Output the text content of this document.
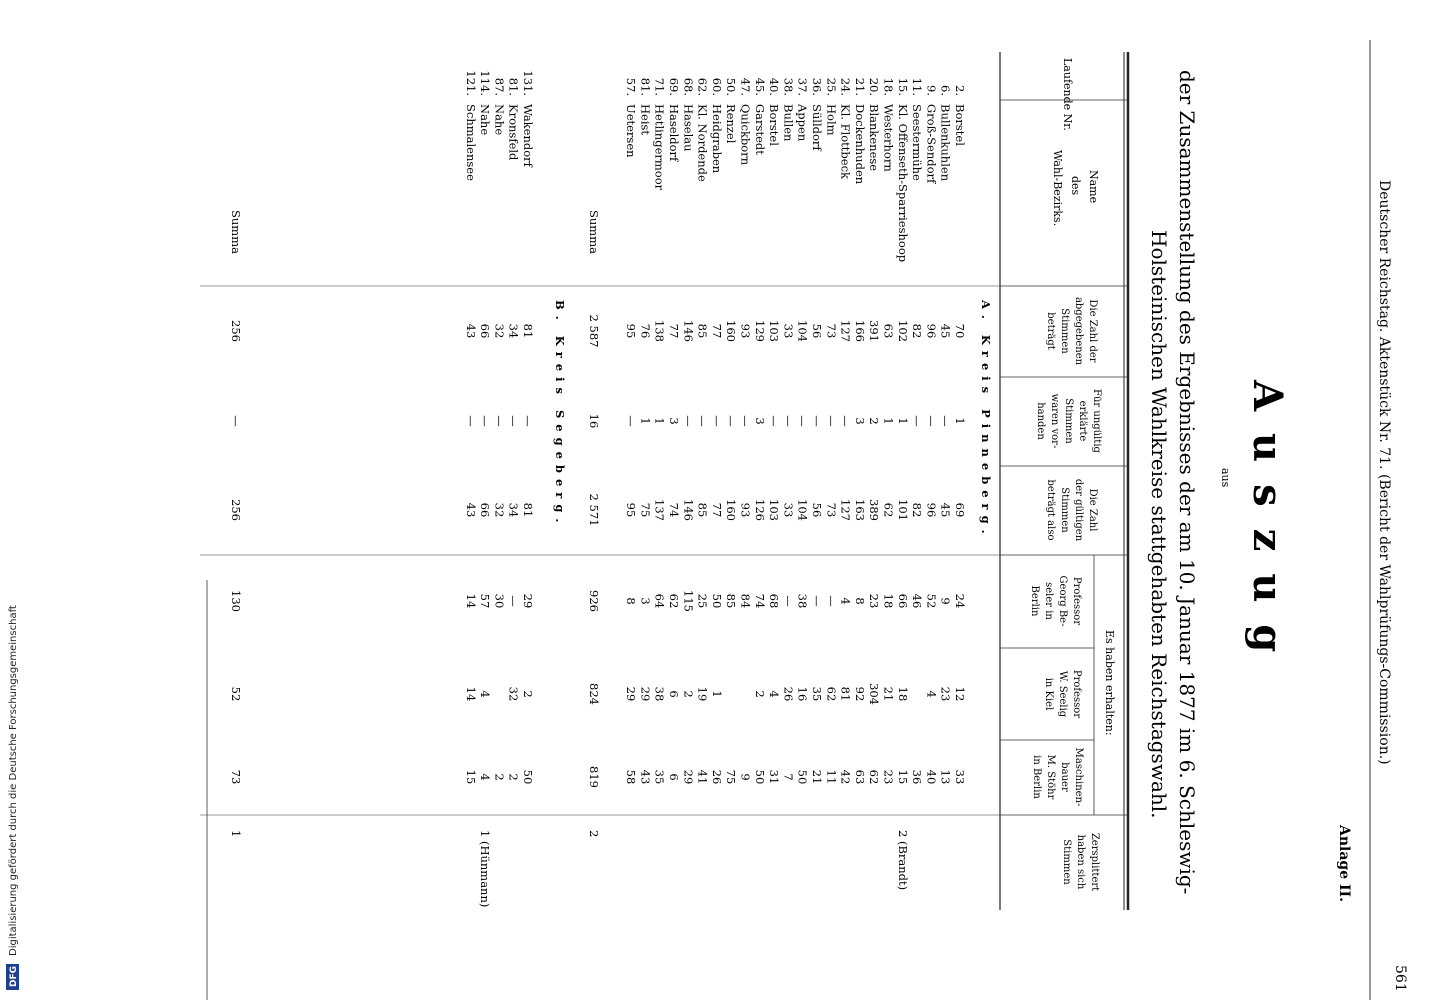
Deutscher Reichstag. Aktenstück Nr. 71. (Bericht der Wahlprüfungs-Commission.)
561
Anlage II.
Auszug
aus
der Zusammenstellung des Ergebnisses der am 10. Januar 1877 im 6. Schleswig-
Holsteinischen Wahlkreise stattgehabten Reichstagswahl.
Laufende Nr.
Name
des
Wahl-Bezirks.
Die Zahl der
abgegebenen
Stimmen
beträgt
Für ungültig
erklärte
Stimmen
waren vor-
handen
Die Zahl
der gültigen
Stimmen
beträgt also
Es haben erhalten:
Professor
Georg Be-
seler in
Berlin
Professor
W. Seelig
in Kiel
Maschinen-
bauer
M. Stöhr
in Berlin
Zersplittert
haben sich
Stimmen
A. Kreis Pinneberg.
2.
Borstel
70
1
69
24
12
33
6.
Bullenkuhlen
45
—
45
9
23
13
9.
Groß-Sendorf
96
—
96
52
4
40
11.
Seestermühe
82
—
82
46
36
15.
Kl. Offenseth-Sparrieshoop
102
1
101
66
18
15
2 (Brandt)
18.
Westerhorn
63
1
62
18
21
23
20.
Blankenese
391
2
389
23
304
62
21.
Dockenhuden
166
3
163
8
92
63
24.
Kl. Flottbeck
127
—
127
4
81
42
25.
Holm
73
—
73
—
62
11
36.
Sülldorf
56
—
56
—
35
21
37.
Appen
104
—
104
38
16
50
38.
Bullen
33
—
33
—
26
7
40.
Borstel
103
—
103
68
4
31
45.
Garstedt
129
3
126
74
2
50
47.
Quickborn
93
—
93
84
9
50.
Renzel
160
—
160
85
75
60.
Heidgraben
77
—
77
50
1
26
62.
Kl. Nordende
85
—
85
25
19
41
68.
Haselau
146
—
146
115
2
29
69.
Haseldorf
77
3
74
62
6
6
71.
Hetlingermoor
138
1
137
64
38
35
81.
Heist
76
1
75
3
29
43
57.
Uetersen
95
—
95
8
29
58
Summa
2 587
16
2 571
926
824
819
2
B. Kreis Segeberg.
131.
Wakendorf
81
—
81
29
2
50
81.
Kronsfeld
34
—
34
—
32
2
87.
Nahe
32
—
32
30
2
114.
Nahe
66
—
66
57
4
4
1 (Hünmann)
121.
Schmalensee
43
—
43
14
14
15
Summa
256
—
256
130
52
73
1
DFG
Digitalisierung gefördert durch die Deutsche Forschungsgemeinschaft
